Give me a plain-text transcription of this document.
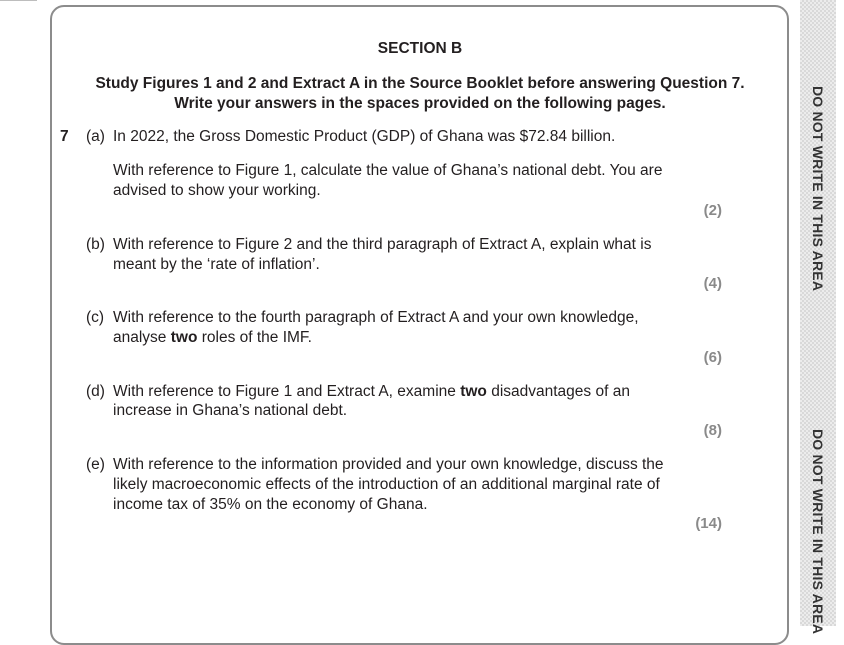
DO NOT WRITE IN THIS AREA
DO NOT WRITE IN THIS AREA
SECTION B
Study Figures 1 and 2 and Extract A in the Source Booklet before answering Question 7.
Write your answers in the spaces provided on the following pages.
7 (a) In 2022, the Gross Domestic Product (GDP) of Ghana was $72.84 billion.
With reference to Figure 1, calculate the value of Ghana’s national debt. You are
advised to show your working.
(2)
(b) With reference to Figure 2 and the third paragraph of Extract A, explain what is
meant by the ‘rate of inflation’.
(4)
(c) With reference to the fourth paragraph of Extract A and your own knowledge,
analyse two roles of the IMF.
(6)
(d) With reference to Figure 1 and Extract A, examine two disadvantages of an
increase in Ghana’s national debt.
(8)
(e) With reference to the information provided and your own knowledge, discuss the
likely macroeconomic effects of the introduction of an additional marginal rate of
income tax of 35% on the economy of Ghana.
(14)
